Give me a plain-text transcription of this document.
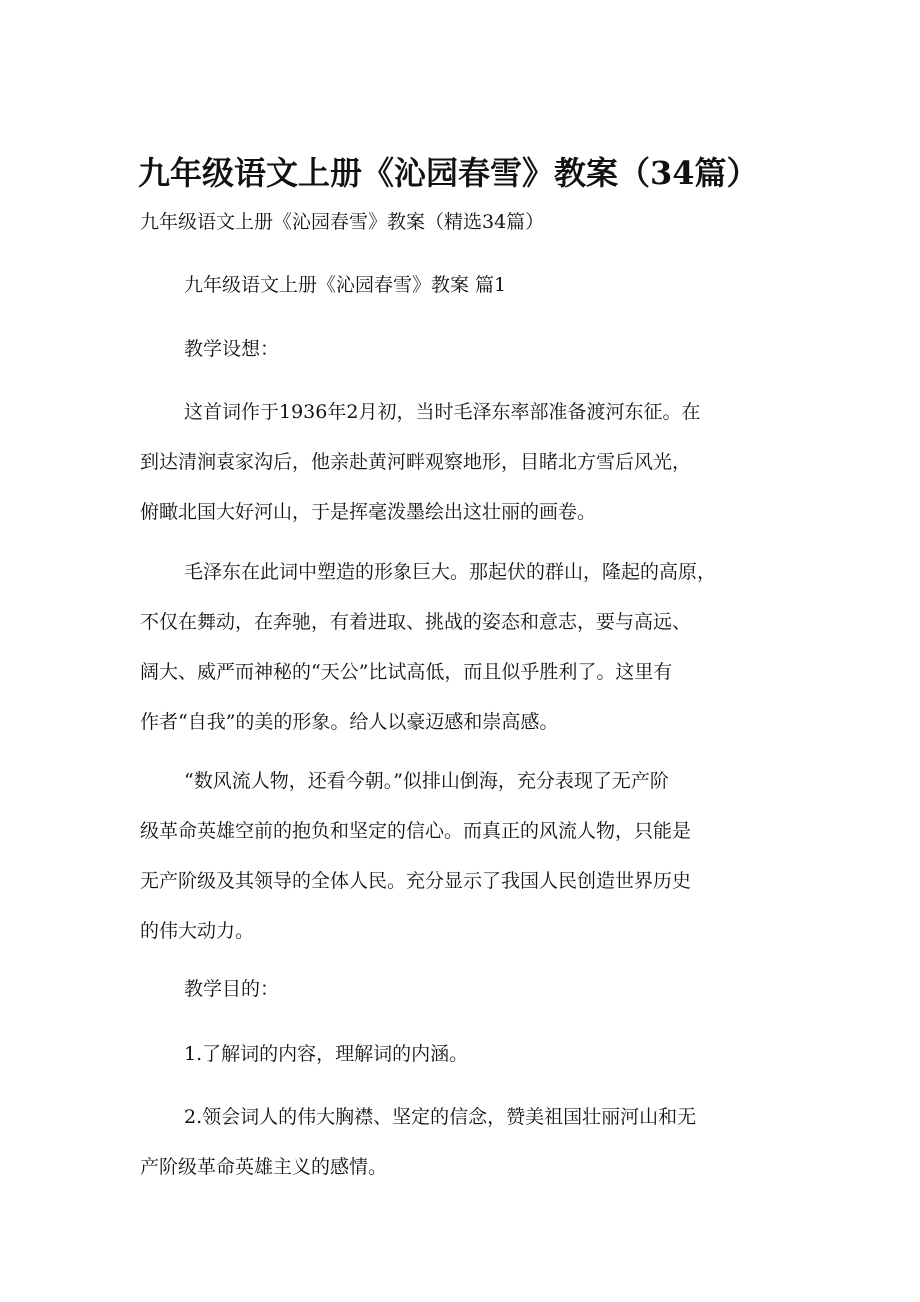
九年级语文上册《沁园春雪》教案（34篇）
九年级语文上册《沁园春雪》教案（精选34篇）
九年级语文上册《沁园春雪》教案 篇1
教学设想：
这首词作于1936年2月初，当时毛泽东率部准备渡河东征。在
到达清涧袁家沟后，他亲赴黄河畔观察地形，目睹北方雪后风光，
俯瞰北国大好河山，于是挥毫泼墨绘出这壮丽的画卷。
毛泽东在此词中塑造的形象巨大。那起伏的群山，隆起的高原，
不仅在舞动，在奔驰，有着进取、挑战的姿态和意志，要与高远、
阔大、威严而神秘的“天公”比试高低，而且似乎胜利了。这里有
作者“自我”的美的形象。给人以豪迈感和崇高感。
“数风流人物，还看今朝。”似排山倒海，充分表现了无产阶
级革命英雄空前的抱负和坚定的信心。而真正的风流人物，只能是
无产阶级及其领导的全体人民。充分显示了我国人民创造世界历史
的伟大动力。
教学目的：
1.了解词的内容，理解词的内涵。
2.领会词人的伟大胸襟、坚定的信念，赞美祖国壮丽河山和无
产阶级革命英雄主义的感情。
